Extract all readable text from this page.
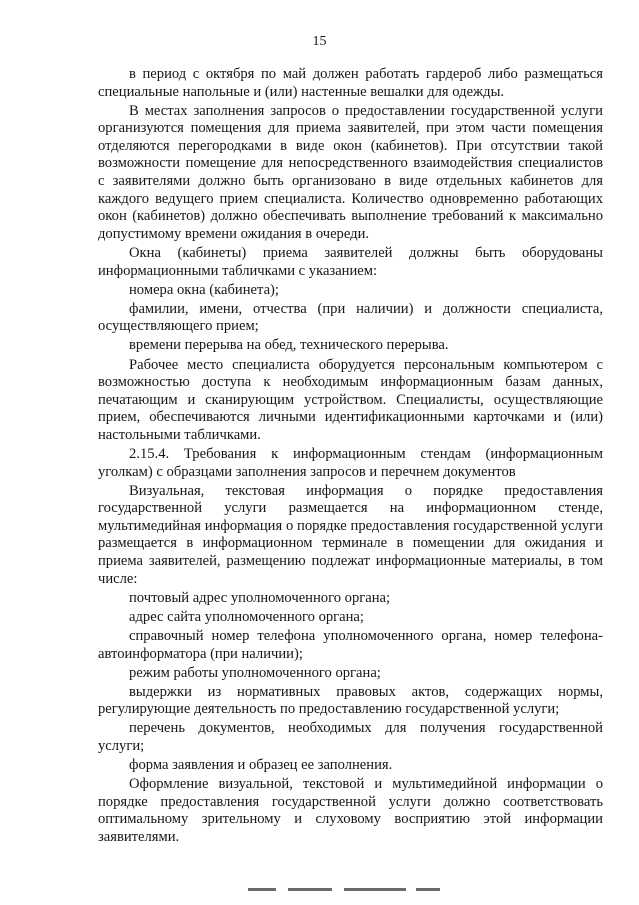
15

в период с октября по май должен работать гардероб либо размещаться специальные напольные и (или) настенные вешалки для одежды.

В местах заполнения запросов о предоставлении государственной услуги организуются помещения для приема заявителей, при этом части помещения отделяются перегородками в виде окон (кабинетов). При отсутствии такой возможности помещение для непосредственного взаимодействия специалистов с заявителями должно быть организовано в виде отдельных кабинетов для каждого ведущего прием специалиста. Количество одновременно работающих окон (кабинетов) должно обеспечивать выполнение требований к максимально допустимому времени ожидания в очереди.

Окна (кабинеты) приема заявителей должны быть оборудованы информационными табличками с указанием:

номера окна (кабинета);

фамилии, имени, отчества (при наличии) и должности специалиста, осуществляющего прием;

времени перерыва на обед, технического перерыва.

Рабочее место специалиста оборудуется персональным компьютером с возможностью доступа к необходимым информационным базам данных, печатающим и сканирующим устройством. Специалисты, осуществляющие прием, обеспечиваются личными идентификационными карточками и (или) настольными табличками.

2.15.4. Требования к информационным стендам (информационным уголкам) с образцами заполнения запросов и перечнем документов

Визуальная, текстовая информация о порядке предоставления государственной услуги размещается на информационном стенде, мультимедийная информация о порядке предоставления государственной услуги размещается в информационном терминале в помещении для ожидания и приема заявителей, размещению подлежат информационные материалы, в том числе:

почтовый адрес уполномоченного органа;

адрес сайта уполномоченного органа;

справочный номер телефона уполномоченного органа, номер телефона-автоинформатора (при наличии);

режим работы уполномоченного органа;

выдержки из нормативных правовых актов, содержащих нормы, регулирующие деятельность по предоставлению государственной услуги;

перечень документов, необходимых для получения государственной услуги;

форма заявления и образец ее заполнения.

Оформление визуальной, текстовой и мультимедийной информации о порядке предоставления государственной услуги должно соответствовать оптимальному зрительному и слуховому восприятию этой информации заявителями.
